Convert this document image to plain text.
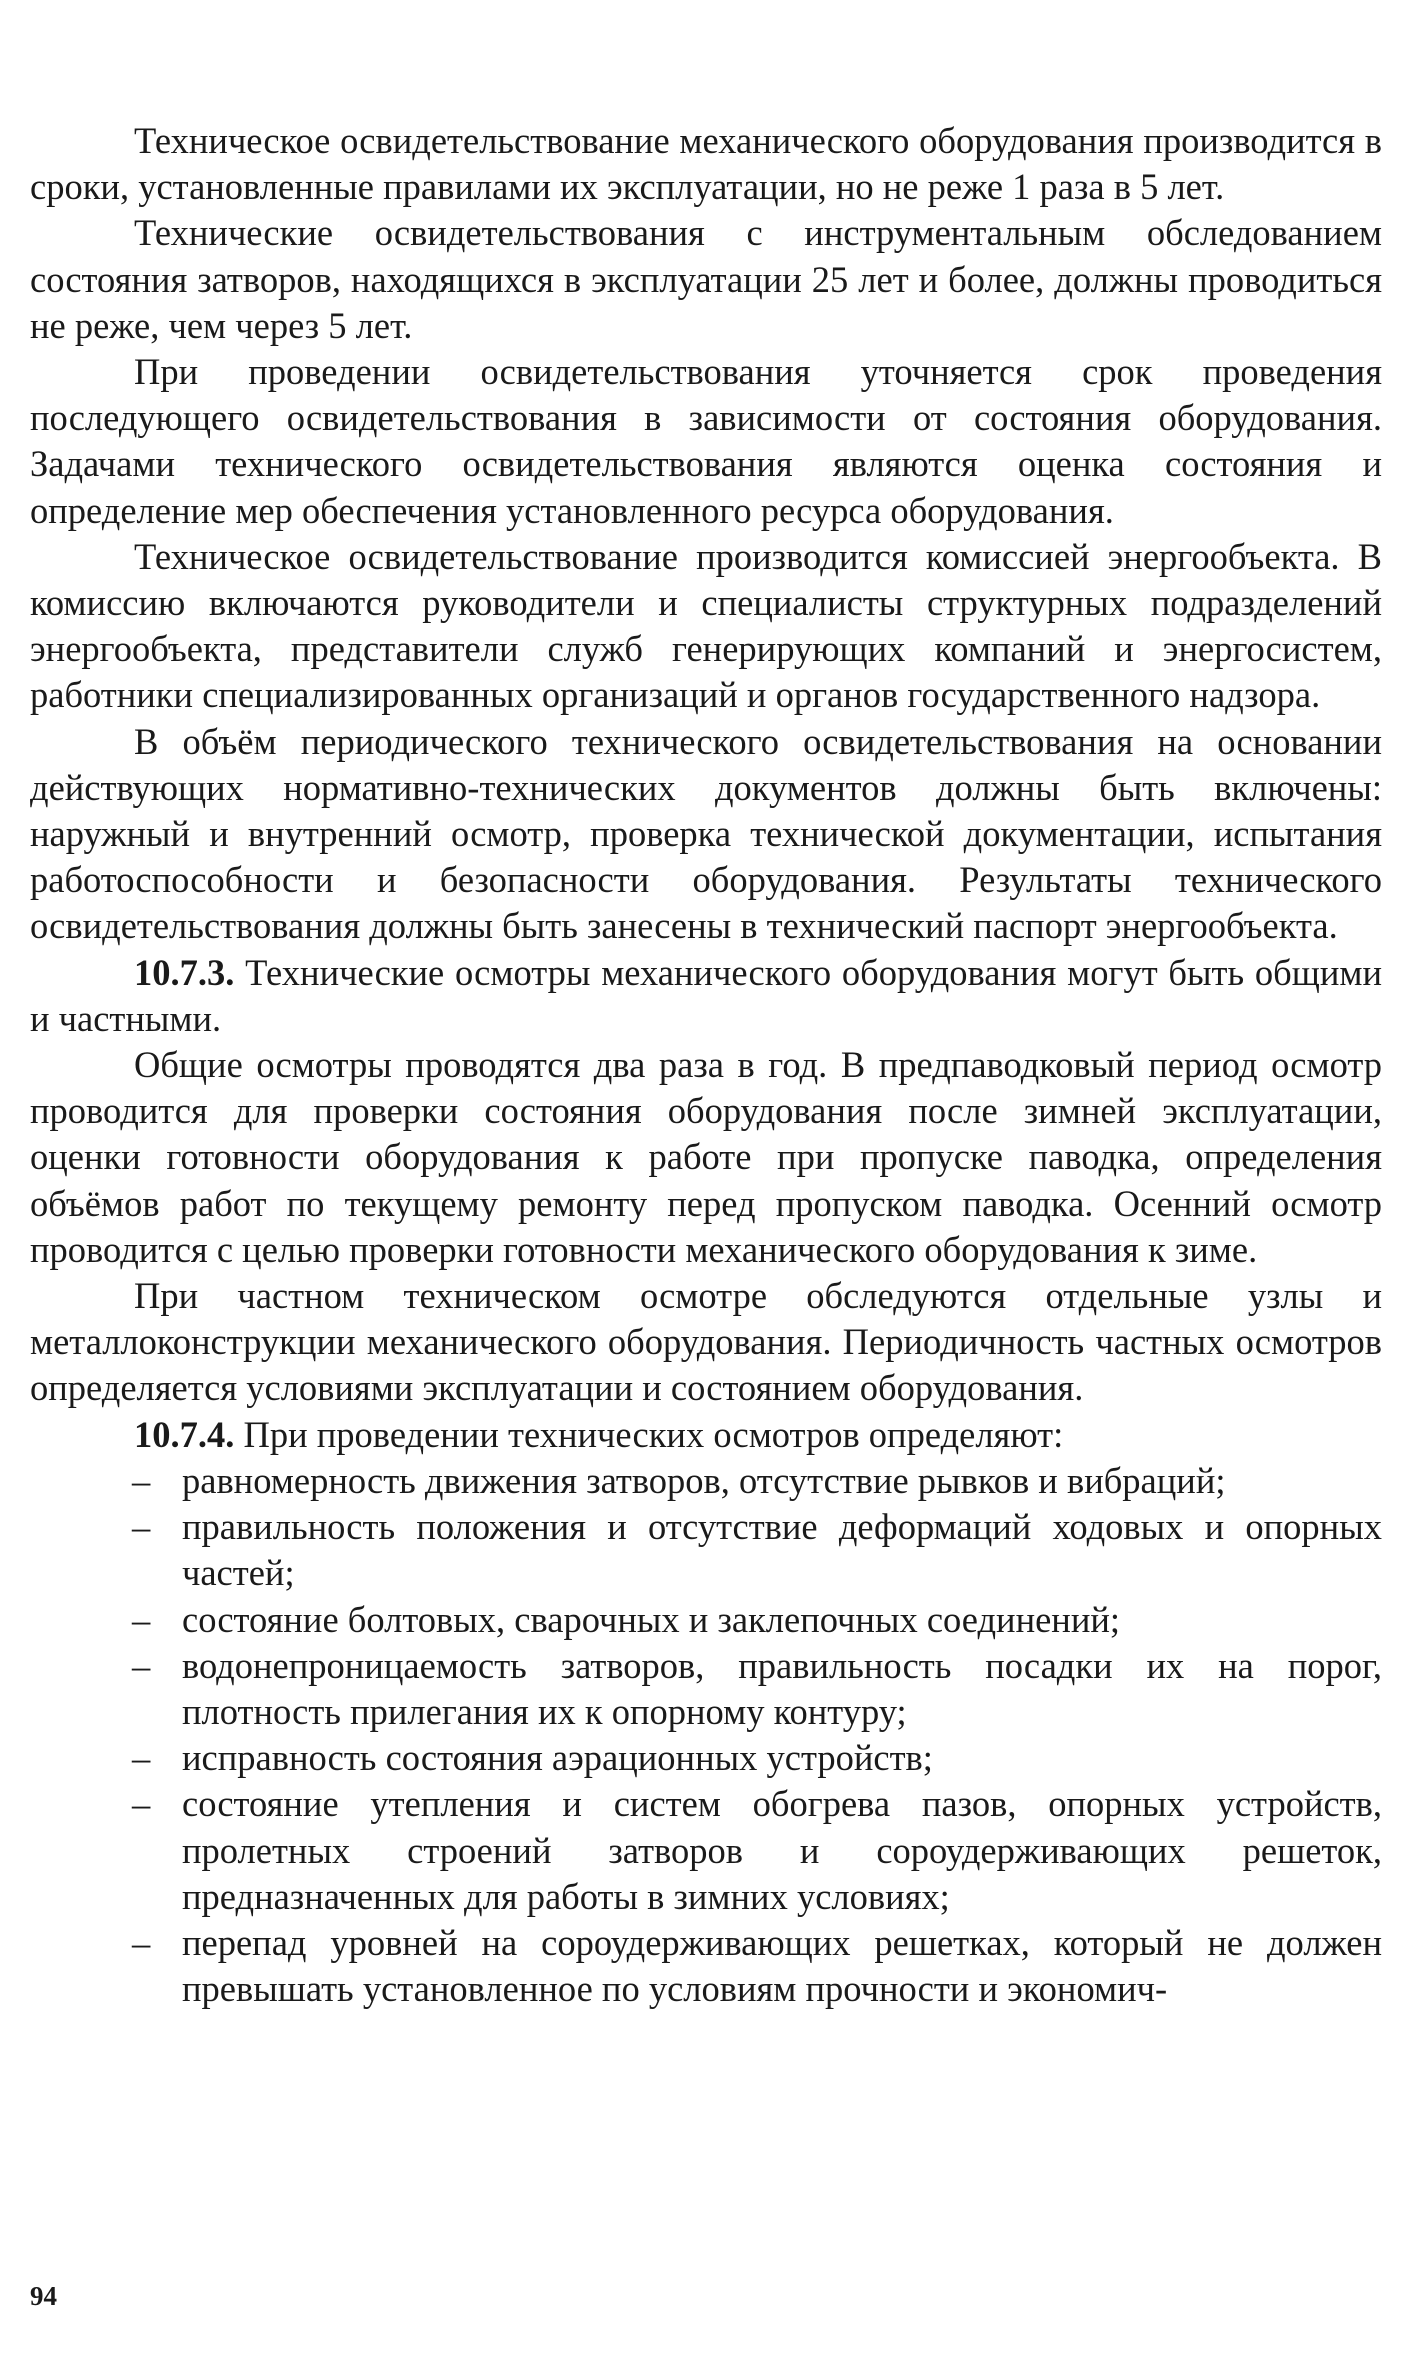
Техническое освидетельствование механического оборудования производится в сроки, установленные правилами их эксплуатации, но не реже 1 раза в 5 лет.

Технические освидетельствования с инструментальным обследованием состояния затворов, находящихся в эксплуатации 25 лет и более, должны проводиться не реже, чем через 5 лет.

При проведении освидетельствования уточняется срок проведения последующего освидетельствования в зависимости от состояния оборудования. Задачами технического освидетельствования являются оценка состояния и определение мер обеспечения установленного ресурса оборудования.

Техническое освидетельствование производится комиссией энергообъекта. В комиссию включаются руководители и специалисты структурных подразделений энергообъекта, представители служб генерирующих компаний и энергосистем, работники специализированных организаций и органов государственного надзора.

В объём периодического технического освидетельствования на основании действующих нормативно-технических документов должны быть включены: наружный и внутренний осмотр, проверка технической документации, испытания работоспособности и безопасности оборудования. Результаты технического освидетельствования должны быть занесены в технический паспорт энергообъекта.

10.7.3. Технические осмотры механического оборудования могут быть общими и частными.

Общие осмотры проводятся два раза в год. В предпаводковый период осмотр проводится для проверки состояния оборудования после зимней эксплуатации, оценки готовности оборудования к работе при пропуске паводка, определения объёмов работ по текущему ремонту перед пропуском паводка. Осенний осмотр проводится с целью проверки готовности механического оборудования к зиме.

При частном техническом осмотре обследуются отдельные узлы и металлоконструкции механического оборудования. Периодичность частных осмотров определяется условиями эксплуатации и состоянием оборудования.

10.7.4. При проведении технических осмотров определяют:

– равномерность движения затворов, отсутствие рывков и вибраций;
– правильность положения и отсутствие деформаций ходовых и опорных частей;
– состояние болтовых, сварочных и заклепочных соединений;
– водонепроницаемость затворов, правильность посадки их на порог, плотность прилегания их к опорному контуру;
– исправность состояния аэрационных устройств;
– состояние утепления и систем обогрева пазов, опорных устройств, пролетных строений затворов и сороудерживающих решеток, предназначенных для работы в зимних условиях;
– перепад уровней на сороудерживающих решетках, который не должен превышать установленное по условиям прочности и экономич-
94
